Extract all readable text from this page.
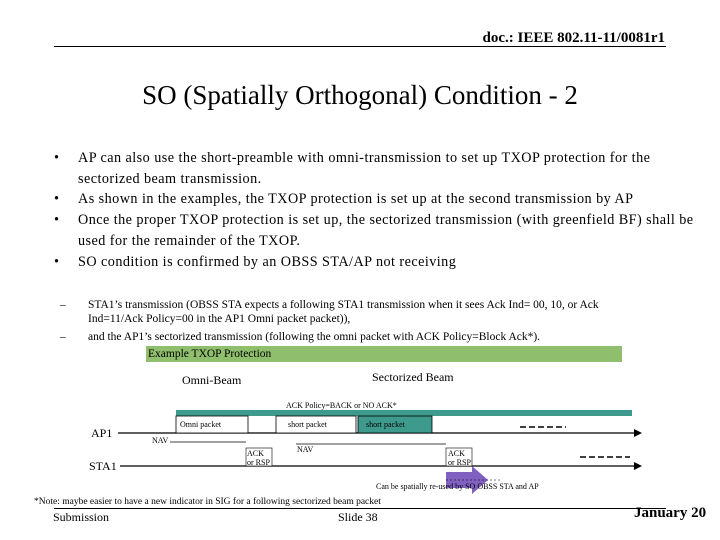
doc.: IEEE 802.11-11/0081r1
SO (Spatially Orthogonal) Condition - 2
• AP can also use the short-preamble with omni-transmission to set up TXOP protection for the sectorized beam transmission.
• As shown in the examples, the TXOP protection is set up at the second transmission by AP
• Once the proper TXOP protection is set up, the sectorized transmission (with greenfield BF) shall be used for the remainder of the TXOP.
• SO condition is confirmed by an OBSS STA/AP not receiving
– STA1’s transmission (OBSS STA expects a following STA1 transmission when it sees Ack Ind= 00, 10, or Ack Ind=11/Ack Policy=00 in the AP1 Omni packet packet)),
– and the AP1’s sectorized transmission (following the omni packet with ACK Policy=Block Ack*).
Example TXOP Protection
Omni-Beam	Sectorized Beam
ACK Policy=BACK or NO ACK*
AP1
STA1
Omni packet	short packet	short packet
NAV
NAV
ACK or RSP
ACK or RSP
Can be spatially re-used by SO OBSS STA and AP
*Note: maybe easier to have a new indicator in SIG for a following sectorized beam packet
Submission	Slide 38	January 20
